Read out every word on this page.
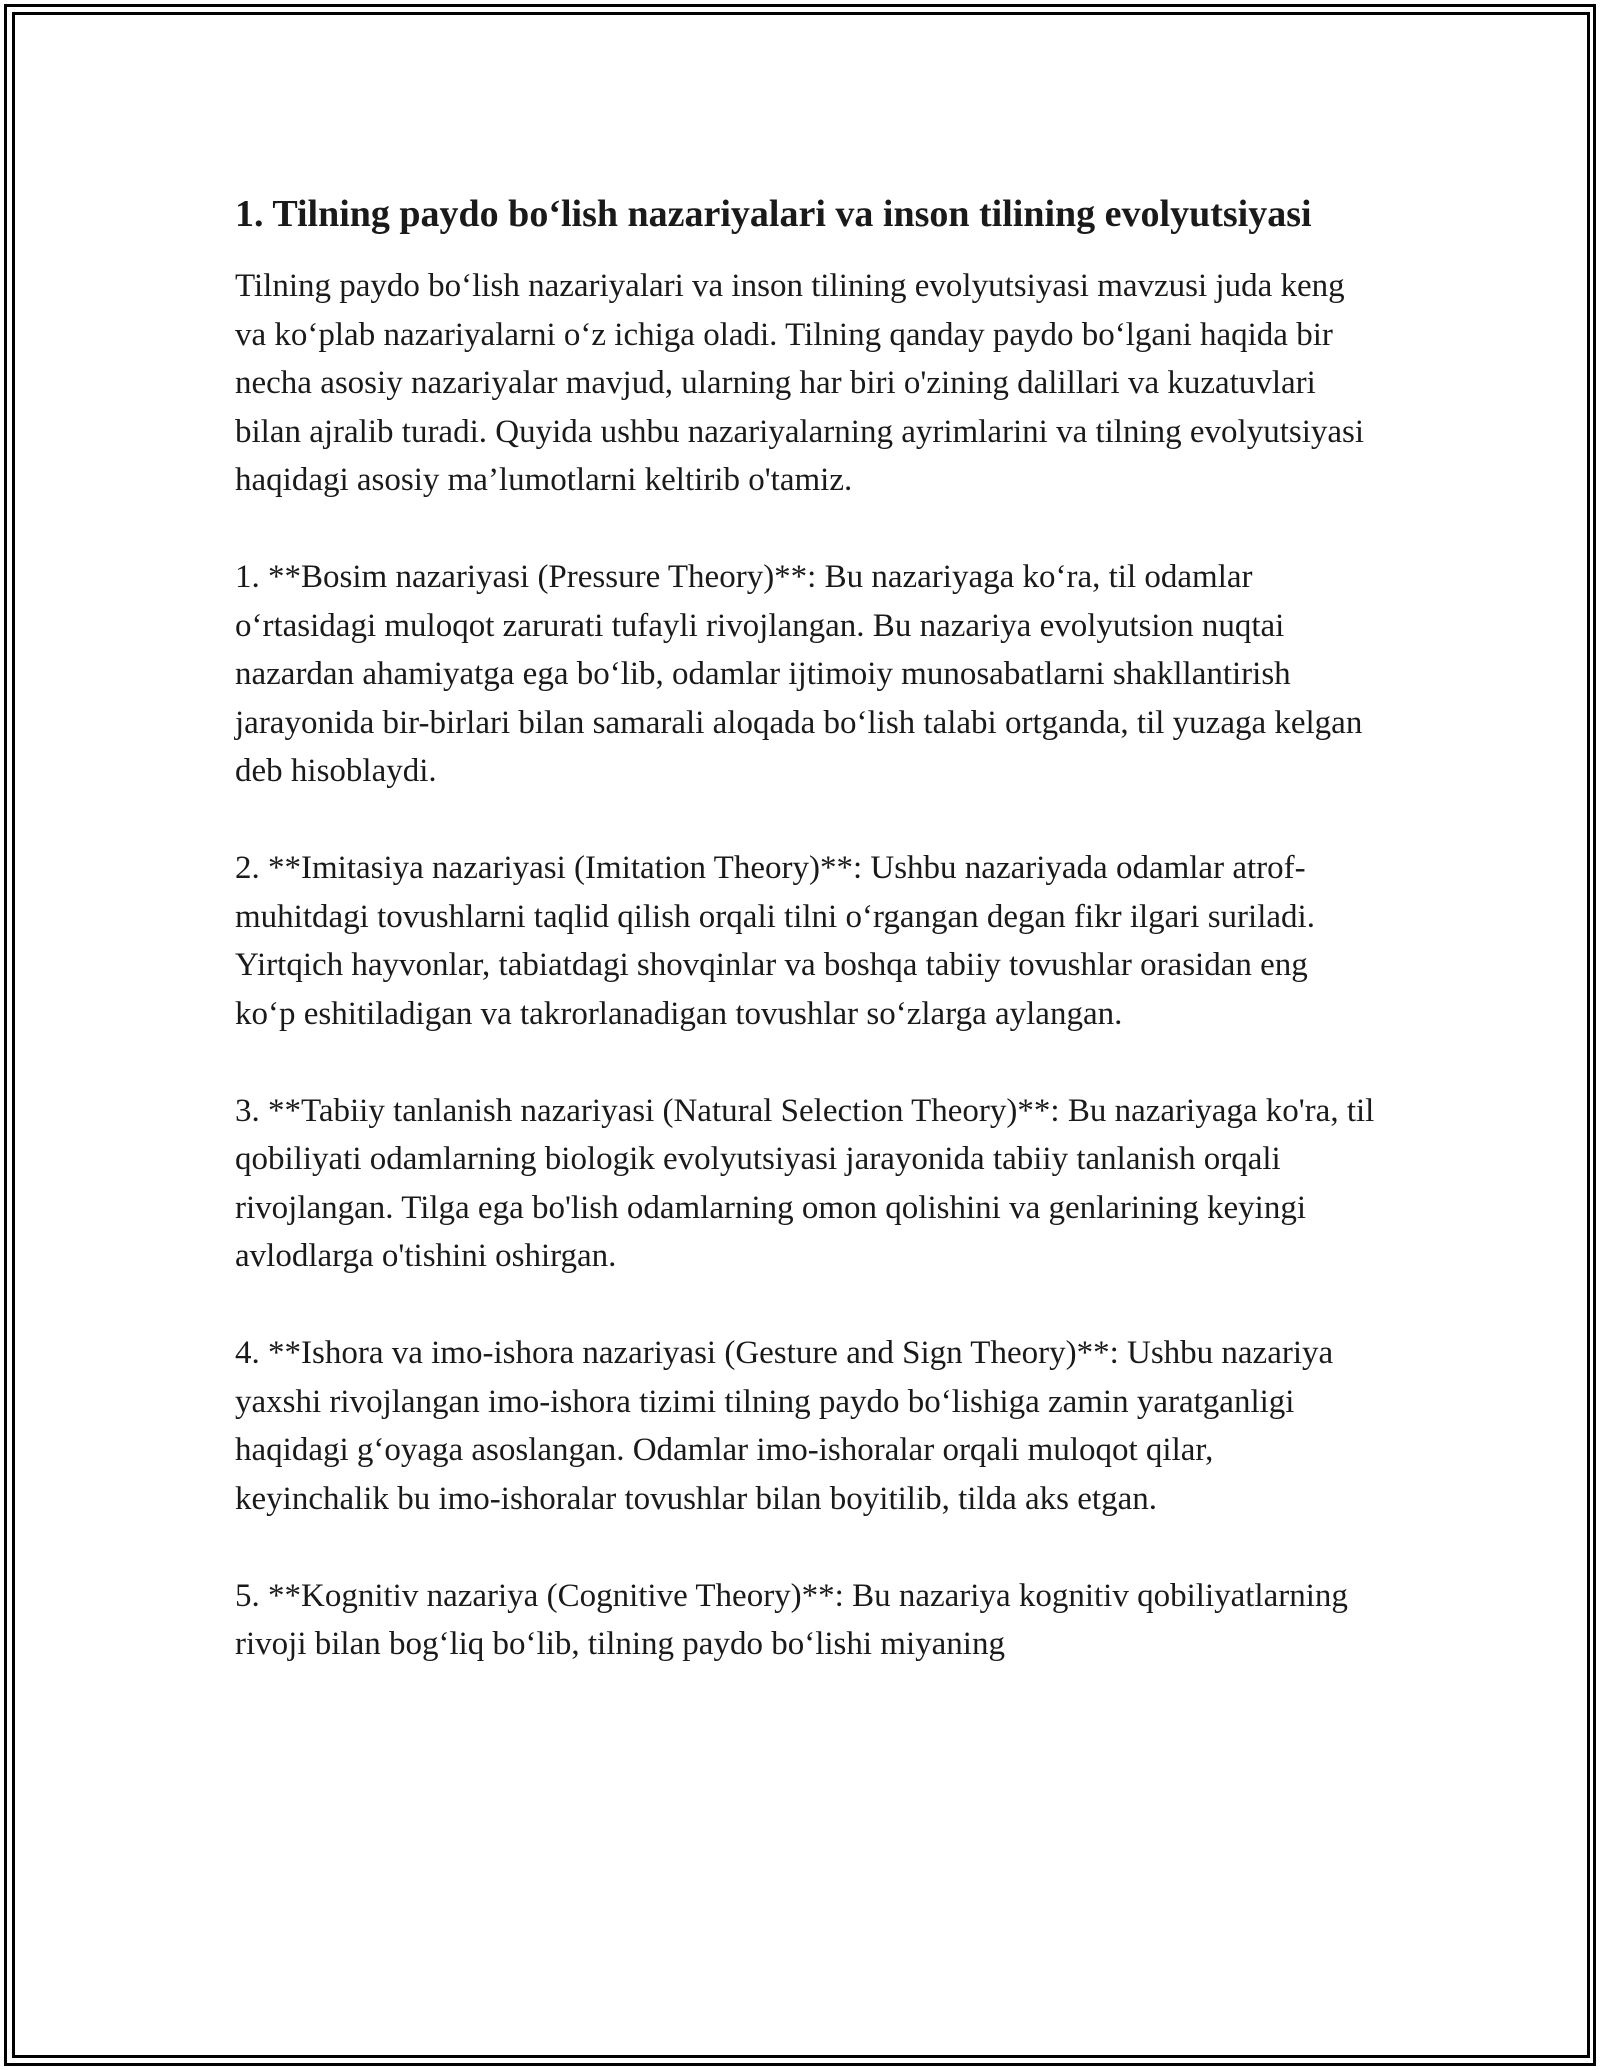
1. Tilning paydo bo‘lish nazariyalari va inson tilining evolyutsiyasi

Tilning paydo bo‘lish nazariyalari va inson tilining evolyutsiyasi mavzusi juda keng va ko‘plab nazariyalarni o‘z ichiga oladi. Tilning qanday paydo bo‘lgani haqida bir necha asosiy nazariyalar mavjud, ularning har biri o'zining dalillari va kuzatuvlari bilan ajralib turadi. Quyida ushbu nazariyalarning ayrimlarini va tilning evolyutsiyasi haqidagi asosiy ma’lumotlarni keltirib o'tamiz.

1. **Bosim nazariyasi (Pressure Theory)**: Bu nazariyaga ko‘ra, til odamlar o‘rtasidagi muloqot zarurati tufayli rivojlangan. Bu nazariya evolyutsion nuqtai nazardan ahamiyatga ega bo‘lib, odamlar ijtimoiy munosabatlarni shakllantirish jarayonida bir-birlari bilan samarali aloqada bo‘lish talabi ortganda, til yuzaga kelgan deb hisoblaydi.

2. **Imitasiya nazariyasi (Imitation Theory)**: Ushbu nazariyada odamlar atrof-muhitdagi tovushlarni taqlid qilish orqali tilni o‘rgangan degan fikr ilgari suriladi. Yirtqich hayvonlar, tabiatdagi shovqinlar va boshqa tabiiy tovushlar orasidan eng ko‘p eshitiladigan va takrorlanadigan tovushlar so‘zlarga aylangan.

3. **Tabiiy tanlanish nazariyasi (Natural Selection Theory)**: Bu nazariyaga ko'ra, til qobiliyati odamlarning biologik evolyutsiyasi jarayonida tabiiy tanlanish orqali rivojlangan. Tilga ega bo'lish odamlarning omon qolishini va genlarining keyingi avlodlarga o'tishini oshirgan.

4. **Ishora va imo-ishora nazariyasi (Gesture and Sign Theory)**: Ushbu nazariya yaxshi rivojlangan imo-ishora tizimi tilning paydo bo‘lishiga zamin yaratganligi haqidagi g‘oyaga asoslangan. Odamlar imo-ishoralar orqali muloqot qilar, keyinchalik bu imo-ishoralar tovushlar bilan boyitilib, tilda aks etgan.

5. **Kognitiv nazariya (Cognitive Theory)**: Bu nazariya kognitiv qobiliyatlarning rivoji bilan bog‘liq bo‘lib, tilning paydo bo‘lishi miyaning
